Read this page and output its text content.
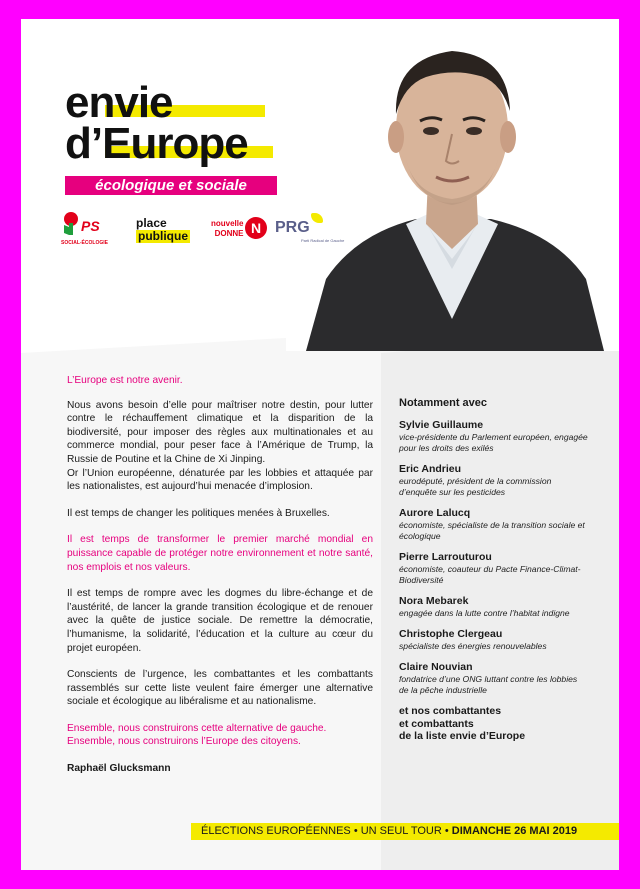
envie
d’Europe
écologique et sociale
PS
SOCIAL-ÉCOLOGIE
place
publique
nouvelle
DONNE N PRG
Parti Radical de Gauche

L’Europe est notre avenir.

Nous avons besoin d’elle pour maîtriser notre destin, pour lutter contre le réchauffement climatique et la disparition de la biodiversité, pour imposer des règles aux multinationales et au commerce mondial, pour peser face à l’Amérique de Trump, la Russie de Poutine et la Chine de Xi Jinping.

Or l’Union européenne, dénaturée par les lobbies et attaquée par les nationalistes, est aujourd’hui menacée d’implosion.

Il est temps de changer les politiques menées à Bruxelles.

Il est temps de transformer le premier marché mondial en puissance capable de protéger notre environnement et notre santé, nos emplois et nos valeurs.

Il est temps de rompre avec les dogmes du libre-échange et de l’austérité, de lancer la grande transition écologique et de renouer avec la quête de justice sociale. De remettre la démocratie, l’humanisme, la solidarité, l’éducation et la culture au cœur du projet européen.

Conscients de l’urgence, les combattantes et les combattants rassemblés sur cette liste veulent faire émerger une alternative sociale et écologique au libéralisme et au nationalisme.

Ensemble, nous construirons cette alternative de gauche.

Ensemble, nous construirons l’Europe des citoyens.

Raphaël Glucksmann

Notamment avec
Sylvie Guillaume
vice-présidente du Parlement européen, engagée pour les droits des exilés
Eric Andrieu
eurodéputé, président de la commission d’enquête sur les pesticides
Aurore Lalucq
économiste, spécialiste de la transition sociale et écologique
Pierre Larrouturou
économiste, coauteur du Pacte Finance-Climat-Biodiversité
Nora Mebarek
engagée dans la lutte contre l’habitat indigne
Christophe Clergeau
spécialiste des énergies renouvelables
Claire Nouvian
fondatrice d’une ONG luttant contre les lobbies de la pêche industrielle
et nos combattantes
et combattants
de la liste envie d’Europe
ÉLECTIONS EUROPÉENNES • UN SEUL TOUR • DIMANCHE 26 MAI 2019
